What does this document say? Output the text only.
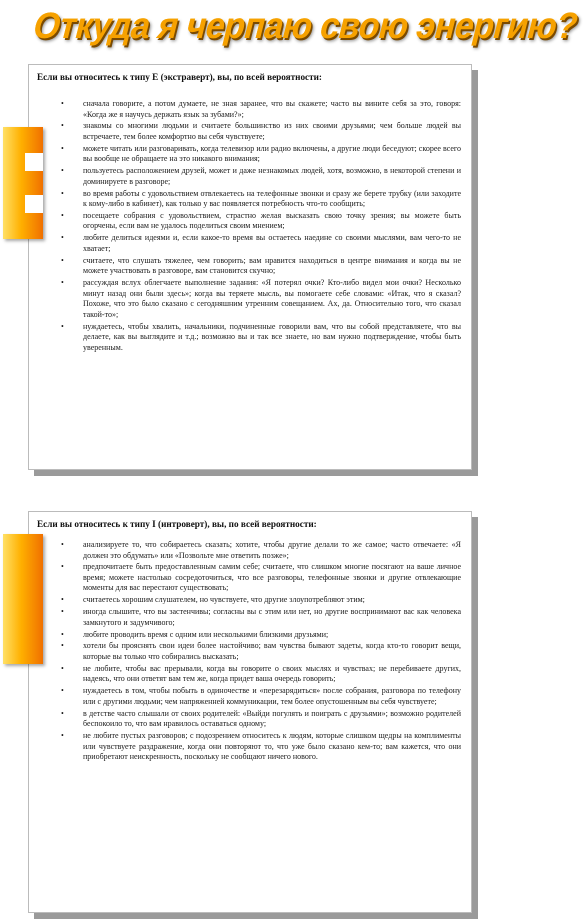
Откуда я черпаю свою энергию?
Если вы относитесь к типу E (экстраверт), вы, по всей вероятности:
• сначала говорите, а потом думаете, не зная заранее, что вы скажете; часто вы вините себя за это, говоря: «Когда же я научусь держать язык за зубами?»;
• знакомы со многими людьми и считаете большинство из них своими друзьями; чем больше людей вы встречаете, тем более комфортно вы себя чувствуете;
• можете читать или разговаривать, когда телевизор или радио включены, а другие люди беседуют; скорее всего вы вообще не обращаете на это никакого внимания;
• пользуетесь расположением друзей, может и даже незнакомых людей, хотя, возможно, в некоторой степени и доминируете в разговоре;
• во время работы с удовольствием отвлекаетесь на телефонные звонки и сразу же берете трубку (или заходите к кому-либо в кабинет), как только у вас появляется потребность что-то сообщить;
• посещаете собрания с удовольствием, страстно желая высказать свою точку зрения; вы можете быть огорчены, если вам не удалось поделиться своим мнением;
• любите делиться идеями и, если какое-то время вы остаетесь наедине со своими мыслями, вам чего-то не хватает;
• считаете, что слушать тяжелее, чем говорить; вам нравится находиться в центре внимания и когда вы не можете участвовать в разговоре, вам становится скучно;
• рассуждая вслух облегчаете выполнение задания: «Я потерял очки? Кто-либо видел мои очки? Несколько минут назад они были здесь»; когда вы теряете мысль, вы помогаете себе словами: «Итак, что я сказал? Похоже, что это было сказано с сегодняшним утренним совещанием. Ах, да. Относительно того, что сказал такой-то»;
• нуждаетесь, чтобы хвалить, начальники, подчиненные говорили вам, что вы собой представляете, что вы делаете, как вы выглядите и т.д.; возможно вы и так все знаете, но вам нужно подтверждение, чтобы быть уверенным.
Если вы относитесь к типу I (интроверт), вы, по всей вероятности:
• анализируете то, что собираетесь сказать; хотите, чтобы другие делали то же самое; часто отвечаете: «Я должен это обдумать» или «Позвольте мне ответить позже»;
• предпочитаете быть предоставленным самим себе; считаете, что слишком многие посягают на ваше личное время; можете настолько сосредоточиться, что все разговоры, телефонные звонки и другие отвлекающие моменты для вас перестают существовать;
• считаетесь хорошим слушателем, но чувствуете, что другие злоупотребляют этим;
• иногда слышите, что вы застенчивы; согласны вы с этим или нет, но другие воспринимают вас как человека замкнутого и задумчивого;
• любите проводить время с одним или несколькими близкими друзьями;
• хотели бы прояснять свои идеи более настойчиво; вам чувства бывают задеты, когда кто-то говорит вещи, которые вы только что собирались высказать;
• не любите, чтобы вас прерывали, когда вы говорите о своих мыслях и чувствах; не перебиваете других, надеясь, что они ответят вам тем же, когда придет ваша очередь говорить;
• нуждаетесь в том, чтобы побыть в одиночестве и «перезарядиться» после собрания, разговора по телефону или с другими людьми; чем напряженней коммуникации, тем более опустошенным вы себя чувствуете;
• в детстве часто слышали от своих родителей: «Выйди погулять и поиграть с друзьями»; возможно родителей беспокоило то, что вам нравилось оставаться одному;
• не любите пустых разговоров; с подозрением относитесь к людям, которые слишком щедры на комплименты или чувствуете раздражение, когда они повторяют то, что уже было сказано кем-то; вам кажется, что они приобретают неискренность, поскольку не сообщают ничего нового.
